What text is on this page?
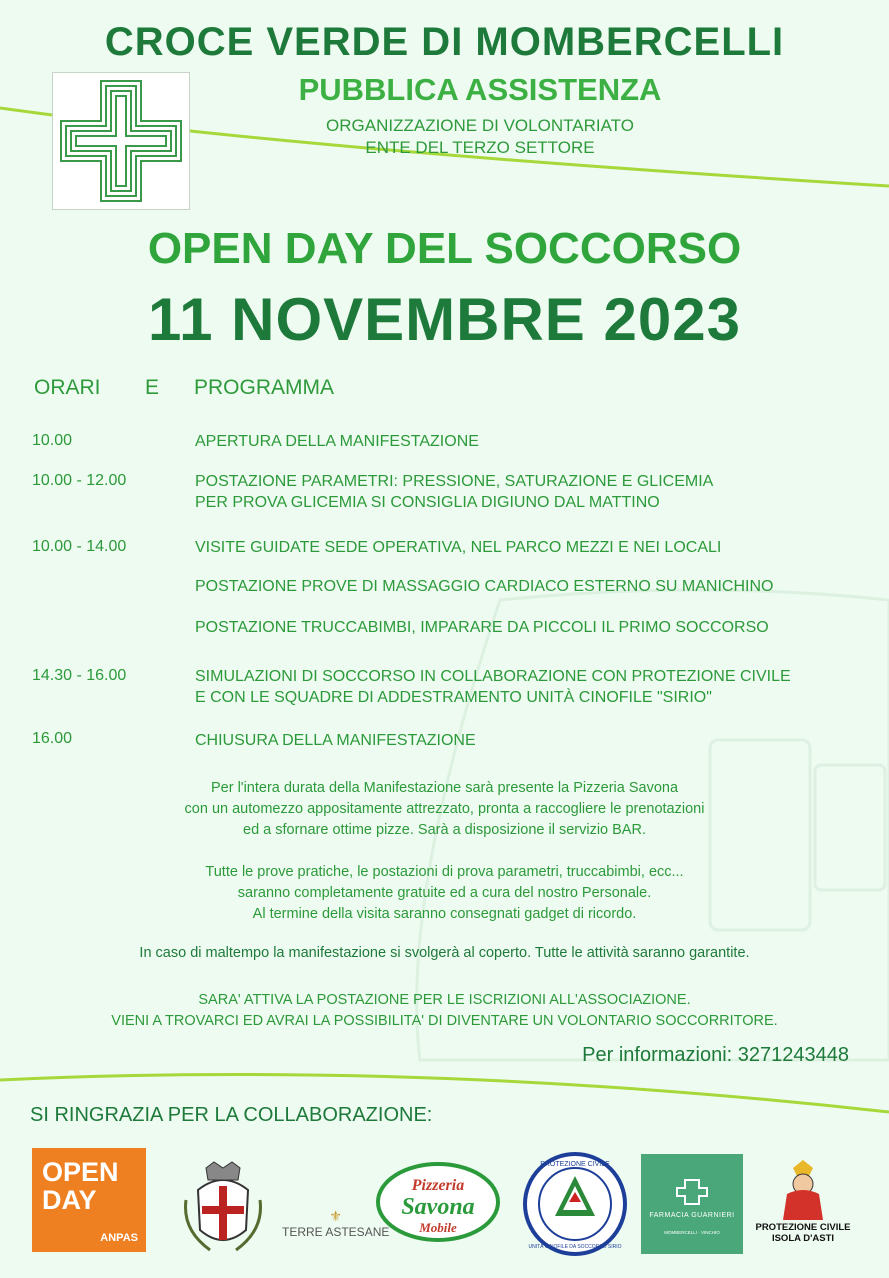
CROCE VERDE DI MOMBERCELLI
PUBBLICA ASSISTENZA
ORGANIZZAZIONE DI VOLONTARIATO
ENTE DEL TERZO SETTORE
OPEN DAY DEL SOCCORSO
11 NOVEMBRE 2023
ORARI E PROGRAMMA
10.00	APERTURA DELLA MANIFESTAZIONE
10.00 - 12.00	POSTAZIONE PARAMETRI: PRESSIONE, SATURAZIONE E GLICEMIA
PER PROVA GLICEMIA SI CONSIGLIA DIGIUNO DAL MATTINO
10.00 - 14.00	VISITE GUIDATE SEDE OPERATIVA, NEL PARCO MEZZI E NEI LOCALI
POSTAZIONE PROVE DI MASSAGGIO CARDIACO ESTERNO SU MANICHINO
POSTAZIONE TRUCCABIMBI, IMPARARE DA PICCOLI IL PRIMO SOCCORSO
14.30 - 16.00	SIMULAZIONI DI SOCCORSO IN COLLABORAZIONE CON PROTEZIONE CIVILE
E CON LE SQUADRE DI ADDESTRAMENTO UNITÀ CINOFILE "SIRIO"
16.00	CHIUSURA DELLA MANIFESTAZIONE
Per l'intera durata della Manifestazione sarà presente la Pizzeria Savona
con un automezzo appositamente attrezzato, pronta a raccogliere le prenotazioni
ed a sfornare ottime pizze. Sarà a disposizione il servizio BAR.
Tutte le prove pratiche, le postazioni di prova parametri, truccabimbi, ecc...
saranno completamente gratuite ed a cura del nostro Personale.
Al termine della visita saranno consegnati gadget di ricordo.
In caso di maltempo la manifestazione si svolgerà al coperto. Tutte le attività saranno garantite.
SARA' ATTIVA LA POSTAZIONE PER LE ISCRIZIONI ALL'ASSOCIAZIONE.
VIENI A TROVARCI ED AVRAI LA POSSIBILITA' DI DIVENTARE UN VOLONTARIO SOCCORRITORE.
Per informazioni: 3271243448
SI RINGRAZIA PER LA COLLABORAZIONE:
OPEN
DAY
ANPAS
⚜
TERRE ASTESANE
Pizzeria
Savona
Mobile
PROTEZIONE CIVILE
UNITÀ CINOFILE DA SOCCORSO SIRIO
FARMACIA GUARNIERI
MOMBERCELLI · VINCHIO	PROTEZIONE CIVILE
ISOLA D'ASTI
